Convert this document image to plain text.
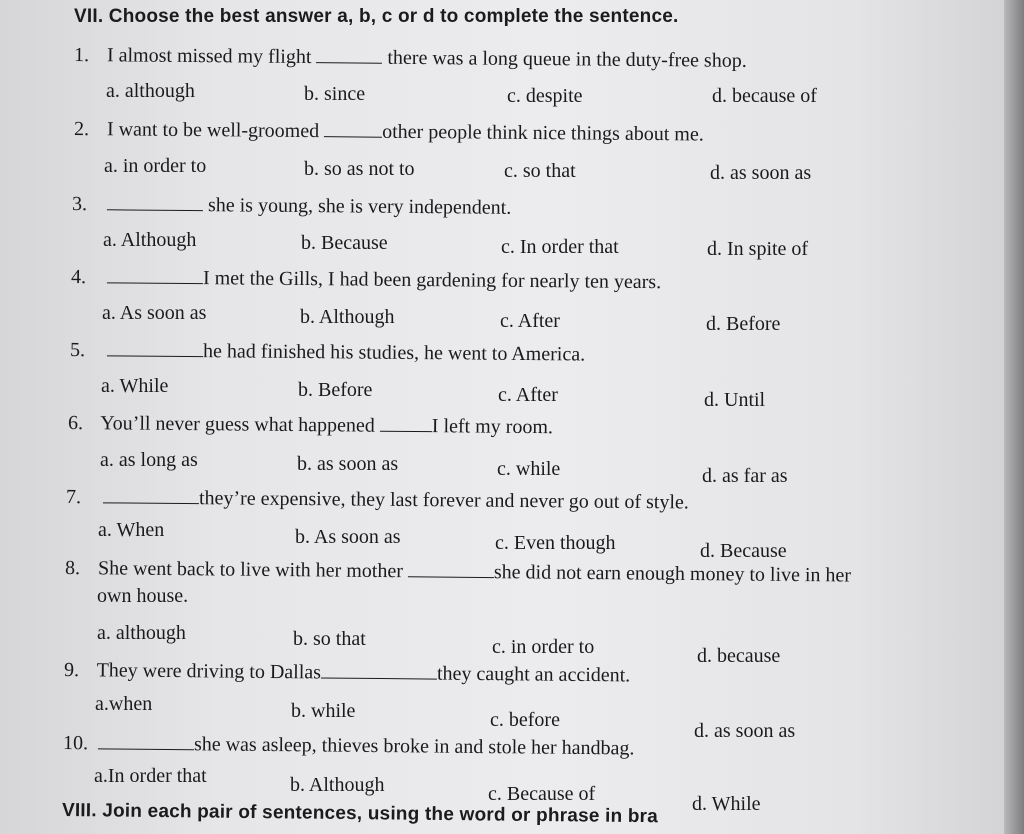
VII. Choose the best answer a, b, c or d to complete the sentence.
1. I almost missed my flight	there was a long queue in the duty-free shop.
a. although	b. since	c. despite	d. because of
2. I want to be well-groomed	other people think nice things about me.
a. in order to	b. so as not to	c. so that	d. as soon as
3.	she is young, she is very independent.
a. Although	b. Because	c. In order that	d. In spite of
4.	I met the Gills, I had been gardening for nearly ten years.
a. As soon as	b. Although	c. After	d. Before
5.	he had finished his studies, he went to America.
a. While	b. Before	c. After	d. Until
6. You’ll never guess what happened	I left my room.
a. as long as	b. as soon as	c. while	d. as far as
7.	they’re expensive, they last forever and never go out of style.
a. When	b. As soon as	c. Even though	d. Because
8. She went back to live with her mother	she did not earn enough money to live in her
own house.
a. although	b. so that	c. in order to	d. because
9. They were driving to Dallas	they caught an accident.
a.when	b. while	c. before	d. as soon as
10.	she was asleep, thieves broke in and stole her handbag.
a.In order that	b. Although	c. Because of	d. While
VIII. Join each pair of sentences, using the word or phrase in bra
